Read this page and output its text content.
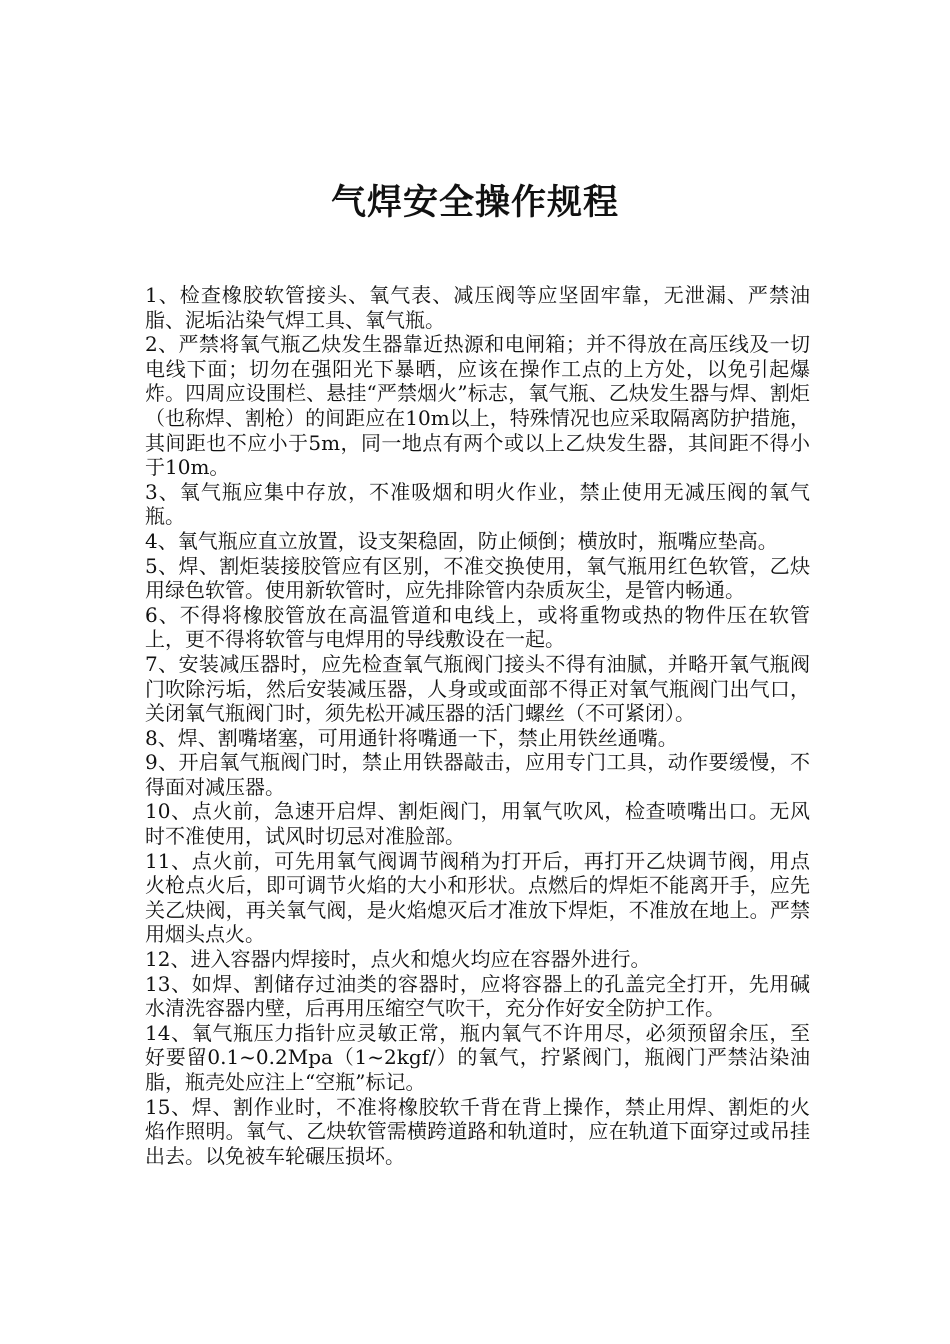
气焊安全操作规程

1、检查橡胶软管接头、氧气表、减压阀等应坚固牢靠，无泄漏、严禁油脂、泥垢沾染气焊工具、氧气瓶。

2、严禁将氧气瓶乙炔发生器靠近热源和电闸箱；并不得放在高压线及一切电线下面；切勿在强阳光下暴晒，应该在操作工点的上方处，以免引起爆炸。四周应设围栏、悬挂“严禁烟火”标志，氧气瓶、乙炔发生器与焊、割炬（也称焊、割枪）的间距应在10m以上，特殊情况也应采取隔离防护措施，其间距也不应小于5m，同一地点有两个或以上乙炔发生器，其间距不得小于10m。

3、氧气瓶应集中存放，不准吸烟和明火作业，禁止使用无减压阀的氧气瓶。

4、氧气瓶应直立放置，设支架稳固，防止倾倒；横放时，瓶嘴应垫高。

5、焊、割炬装接胶管应有区别，不准交换使用，氧气瓶用红色软管，乙炔用绿色软管。使用新软管时，应先排除管内杂质灰尘，是管内畅通。

6、不得将橡胶管放在高温管道和电线上，或将重物或热的物件压在软管上，更不得将软管与电焊用的导线敷设在一起。

7、安装减压器时，应先检查氧气瓶阀门接头不得有油腻，并略开氧气瓶阀门吹除污垢，然后安装减压器，人身或或面部不得正对氧气瓶阀门出气口，关闭氧气瓶阀门时，须先松开减压器的活门螺丝（不可紧闭）。

8、焊、割嘴堵塞，可用通针将嘴通一下，禁止用铁丝通嘴。

9、开启氧气瓶阀门时，禁止用铁器敲击，应用专门工具，动作要缓慢，不得面对减压器。

10、点火前，急速开启焊、割炬阀门，用氧气吹风，检查喷嘴出口。无风时不准使用，试风时切忌对准脸部。

11、点火前，可先用氧气阀调节阀稍为打开后，再打开乙炔调节阀，用点火枪点火后，即可调节火焰的大小和形状。点燃后的焊炬不能离开手，应先关乙炔阀，再关氧气阀，是火焰熄灭后才准放下焊炬，不准放在地上。严禁用烟头点火。

12、进入容器内焊接时，点火和熄火均应在容器外进行。

13、如焊、割储存过油类的容器时，应将容器上的孔盖完全打开，先用碱水清洗容器内壁，后再用压缩空气吹干，充分作好安全防护工作。

14、氧气瓶压力指针应灵敏正常，瓶内氧气不许用尽，必须预留余压，至好要留0.1~0.2Mpa（1~2kgf/）的氧气，拧紧阀门，瓶阀门严禁沾染油脂，瓶壳处应注上“空瓶”标记。

15、焊、割作业时，不准将橡胶软千背在背上操作，禁止用焊、割炬的火焰作照明。氧气、乙炔软管需横跨道路和轨道时，应在轨道下面穿过或吊挂出去。以免被车轮碾压损坏。
